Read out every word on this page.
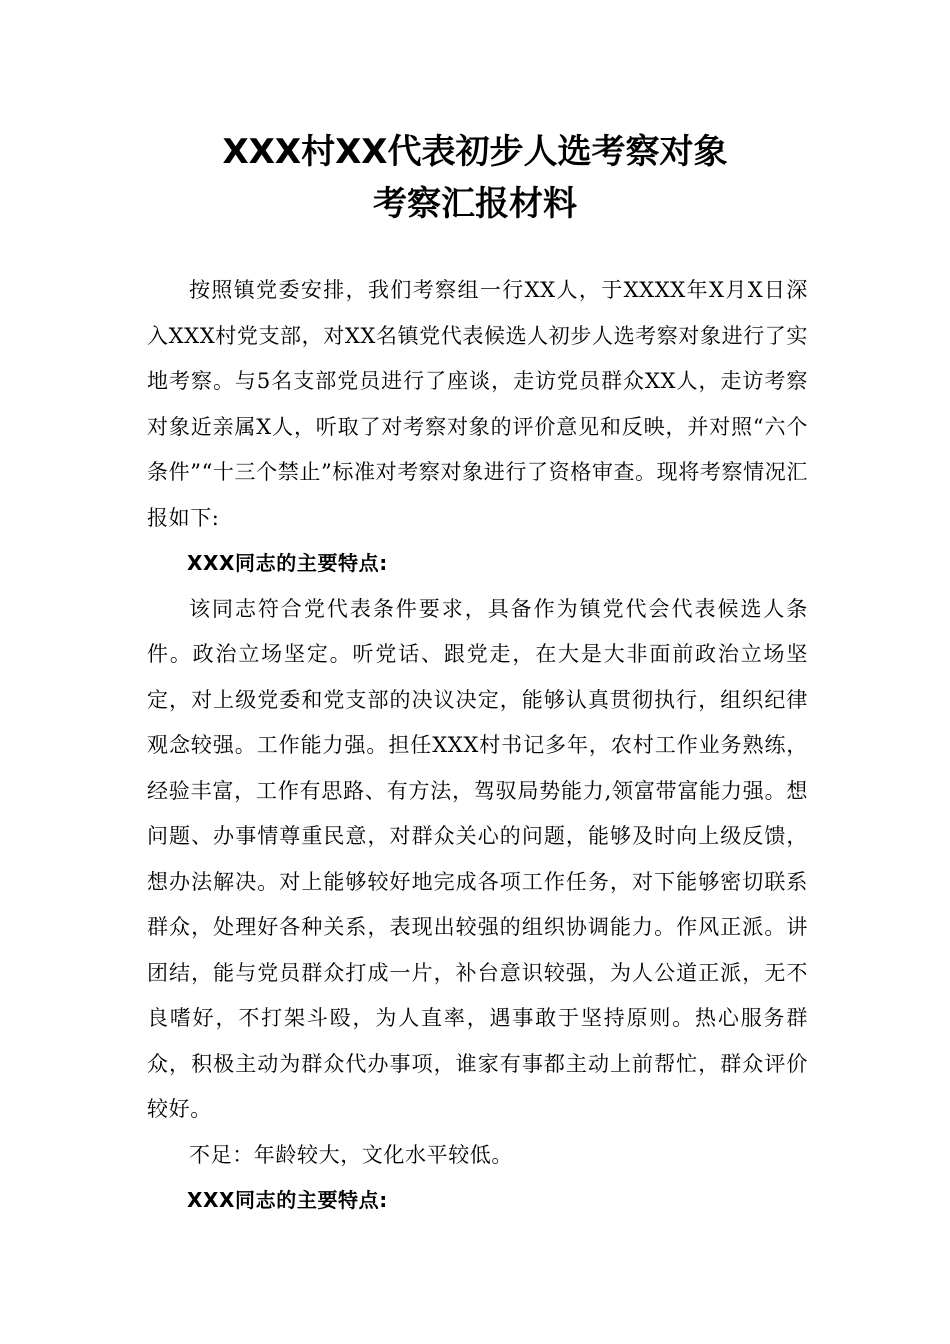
XXX村XX代表初步人选考察对象
考察汇报材料

按照镇党委安排，我们考察组一行XX人，于XXXX年X月X日深入XXX村党支部，对XX名镇党代表候选人初步人选考察对象进行了实地考察。与5名支部党员进行了座谈，走访党员群众XX人，走访考察对象近亲属X人，听取了对考察对象的评价意见和反映，并对照“六个条件”“十三个禁止”标准对考察对象进行了资格审查。现将考察情况汇报如下:

XXX同志的主要特点:

该同志符合党代表条件要求，具备作为镇党代会代表候选人条件。政治立场坚定。听党话、跟党走，在大是大非面前政治立场坚定，对上级党委和党支部的决议决定，能够认真贯彻执行，组织纪律观念较强。工作能力强。担任XXX村书记多年，农村工作业务熟练，经验丰富，工作有思路、有方法，驾驭局势能力,领富带富能力强。想问题、办事情尊重民意，对群众关心的问题，能够及时向上级反馈，想办法解决。对上能够较好地完成各项工作任务，对下能够密切联系群众，处理好各种关系，表现出较强的组织协调能力。作风正派。讲团结，能与党员群众打成一片，补台意识较强，为人公道正派，无不良嗜好，不打架斗殴，为人直率，遇事敢于坚持原则。热心服务群众，积极主动为群众代办事项，谁家有事都主动上前帮忙，群众评价较好。

不足：年龄较大，文化水平较低。

XXX同志的主要特点:
